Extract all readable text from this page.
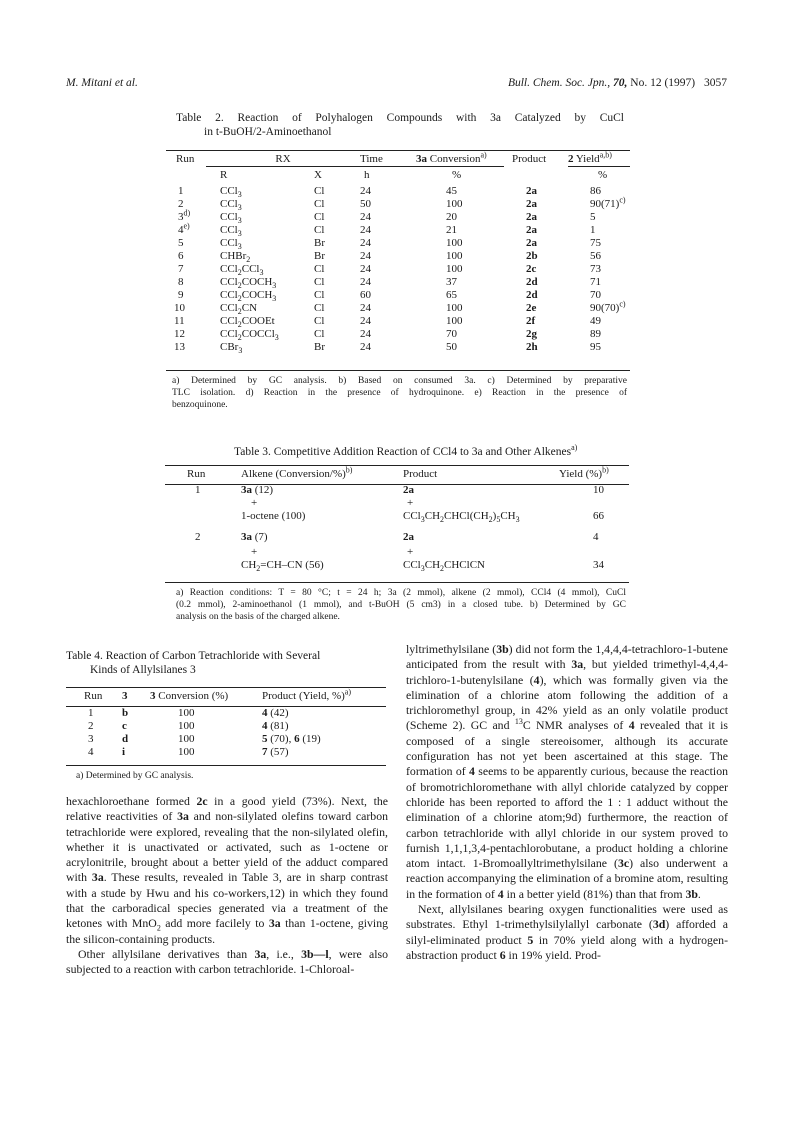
M. Mitani et al.	Bull. Chem. Soc. Jpn., 70, No. 12 (1997) 3057
Table 2. Reaction of Polyhalogen Compounds with 3a Catalyzed by CuCl
in t-BuOH/2-Aminoethanol
Run	RX		Time	3a Conversion$^{a)}$	Product	2 Yield$^{a,b)}$
	R	X	h	%		%
1	CCl$_3$	Cl	24	45	2a	86
2	CCl$_3$	Cl	50	100	2a	$90(71)^{c)}$
3$^{d)}$	CCl$_3$	Cl	24	20	2a	5
4$^{e)}$	CCl$_3$	Cl	24	21	2a	1
5	CCl$_3$	Br	24	100	2a	75
6	CHBr$_2$	Br	24	100	2b	56
7	CCl$_2$CCl$_3$	Cl	24	100	2c	73
8	$CCl_2COCH_3$	Cl	24	37	2d	71
9	$CCl_2COCH_3$	Cl	60	65	2d	70
10	CCl$_2$CN	Cl	24	100	2e	$90(70)^{c)}$
11	CCl$_2$COOEt	Cl	24	100	2f	49
12	CCl$_2$COCCl$_3$	Cl	24	70	2g	89
13	CBr$_3$	Br	24	50	2h	95
a) Determined by GC analysis. b) Based on consumed 3a. c) Determined by preparative
TLC isolation. d) Reaction in the presence of hydroquinone. e) Reaction in the presence of
benzoquinone.
Table 3. Competitive Addition Reaction of CCl4 to 3a and Other Alkenes$^{a)}$
Run	Alkene (Conversion/%)$^{b)}$	Product	Yield (%)$^{b)}$
1	3a (12)	2a	10
	+	+	
	1-octene (100)	$CCl_3CH_2CHCl(CH_2)_5CH_3$	66
2	3a (7)	2a	4
	+	+	
	$CH_2=CH-CN$ (56)	$CCl_3CH_2CHClCN$	34
a) Reaction conditions: T = 80 °C; t = 24 h; 3a (2 mmol), alkene (2 mmol), CCl4 (4 mmol), CuCl
(0.2 mmol), 2-aminoethanol (1 mmol), and t-BuOH (5 cm3) in a closed tube. b) Determined by GC
analysis on the basis of the charged alkene.
Table 4. Reaction of Carbon Tetrachloride with Several
Kinds of Allylsilanes 3
Run	3	3 Conversion (%)	Product (Yield, %)$^{a)}$
1	b	100	4 (42)
2	c	100	4 (81)
3	d	100	5 (70), 6 (19)
4	i	100	7 (57)
a) Determined by GC analysis.

hexachloroethane formed 2c in a good yield (73%). Next, the relative reactivities of 3a and non-silylated olefins toward carbon tetrachloride were explored, revealing that the non-silylated olefin, whether it is unactivated or activated, such as 1-octene or acrylonitrile, brought about a better yield of the adduct compared with 3a. These results, revealed in Table 3, are in sharp contrast with a stude by Hwu and his co-workers,12) in which they found that the carboradical species generated via a treatment of the ketones with MnO$_2$ add more facilely to 3a than 1-octene, giving the silicon-containing products.

Other allylsilane derivatives than 3a, i.e., 3b—l, were also subjected to a reaction with carbon tetrachloride. 1-Chloroal-

lyltrimethylsilane (3b) did not form the 1,4,4,4-tetrachloro-1-butene anticipated from the result with 3a, but yielded trimethyl-4,4,4-trichloro-1-butenylsilane (4), which was formally given via the elimination of a chlorine atom following the addition of a trichloromethyl group, in 42% yield as an only volatile product (Scheme 2). GC and $^{13}$C NMR analyses of 4 revealed that it is composed of a single stereoisomer, although its accurate configuration has not yet been ascertained at this stage. The formation of 4 seems to be apparently curious, because the reaction of bromotrichloromethane with allyl chloride catalyzed by copper chloride has been reported to afford the 1 : 1 adduct without the elimination of a chlorine atom;9d) furthermore, the reaction of carbon tetrachloride with allyl chloride in our system proved to furnish 1,1,1,3,4-pentachlorobutane, a product holding a chlorine atom intact. 1-Bromoallyltrimethylsilane (3c) also underwent a reaction accompanying the elimination of a bromine atom, resulting in the formation of 4 in a better yield (81%) than that from 3b.

Next, allylsilanes bearing oxygen functionalities were used as substrates. Ethyl 1-trimethylsilylallyl carbonate (3d) afforded a silyl-eliminated product 5 in 70% yield along with a hydrogen-abstraction product 6 in 19% yield. Prod-
